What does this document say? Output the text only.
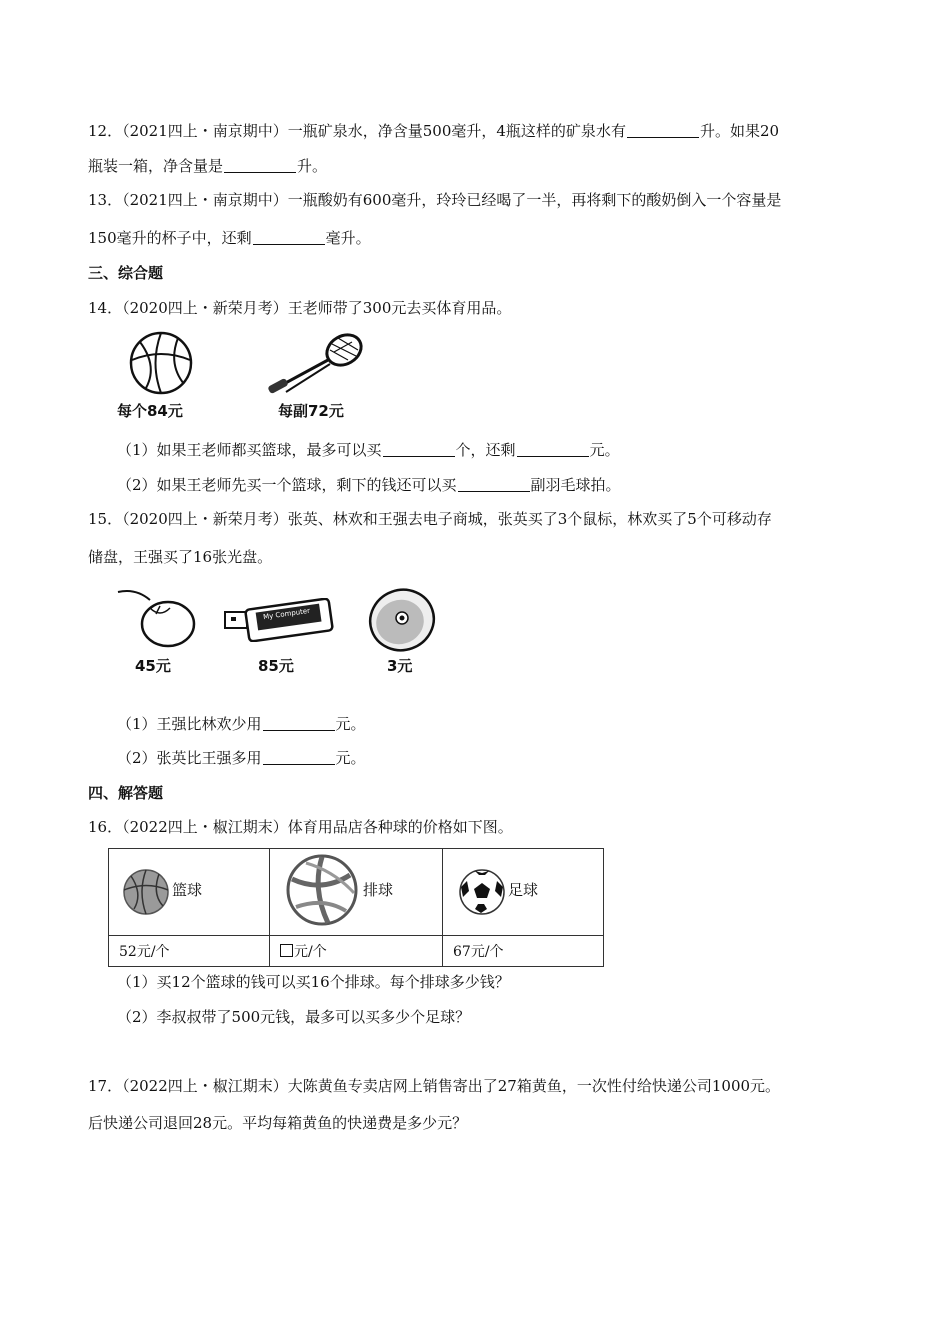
12．（2021四上・南京期中）一瓶矿泉水，净含量500毫升，4瓶这样的矿泉水有	升。如果20
瓶装一箱，净含量是	升。
13．（2021四上・南京期中）一瓶酸奶有600毫升，玲玲已经喝了一半，再将剩下的酸奶倒入一个容量是
150毫升的杯子中，还剩	毫升。
三、综合题
14．（2020四上・新荣月考）王老师带了300元去买体育用品。
每个84元	每副72元
（1）如果王老师都买篮球，最多可以买	个，还剩	元。
（2）如果王老师先买一个篮球，剩下的钱还可以买	副羽毛球拍。
15．（2020四上・新荣月考）张英、林欢和王强去电子商城，张英买了3个鼠标，林欢买了5个可移动存
储盘，王强买了16张光盘。
45元
My Computer
85元	3元
（1）王强比林欢少用	元。
（2）张英比王强多用	元。
四、解答题
16．（2022四上・椒江期末）体育用品店各种球的价格如下图。
篮球	排球	足球

52元/个	元/个	67元/个
（1）买12个篮球的钱可以买16个排球。每个排球多少钱？
（2）李叔叔带了500元钱，最多可以买多少个足球？
17．（2022四上・椒江期末）大陈黄鱼专卖店网上销售寄出了27箱黄鱼，一次性付给快递公司1000元。
后快递公司退回28元。平均每箱黄鱼的快递费是多少元？
